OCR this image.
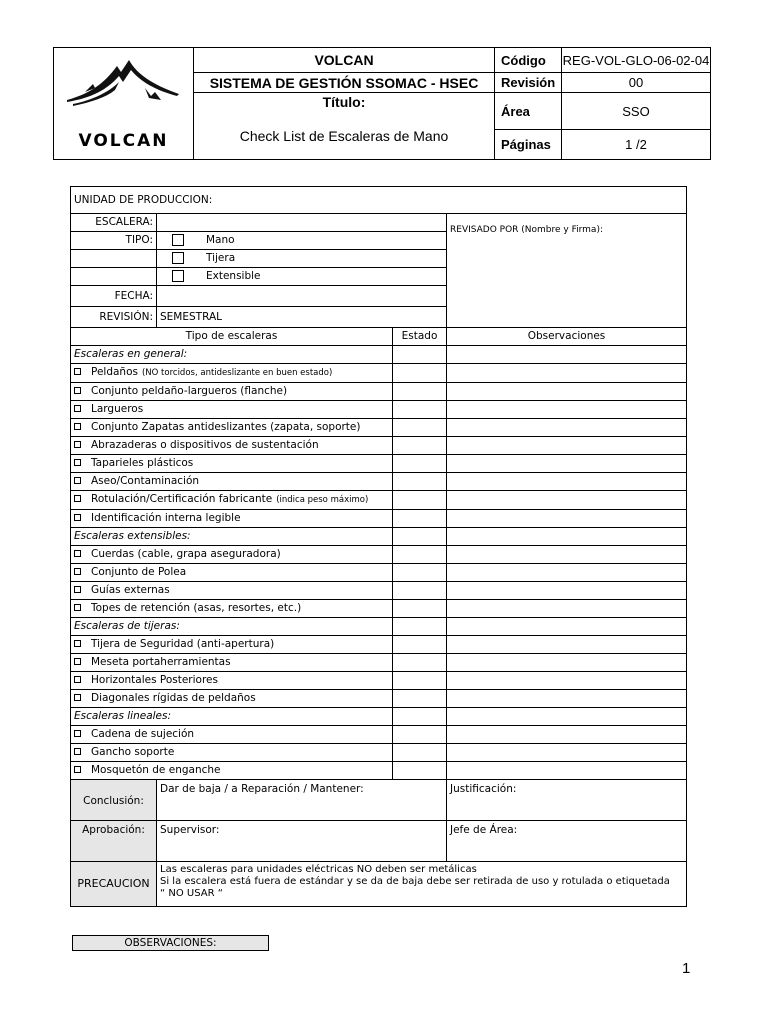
VOLCAN	VOLCAN	Código	REG-VOL-GLO-06-02-04
	SISTEMA DE GESTIÓN SSOMAC - HSEC	Revisión	00

	Título:
Check List de Escaleras de Mano	Área	SSO
		Páginas	1 /2
UNIDAD DE PRODUCCION:			
ESCALERA:			REVISADO POR (Nombre y Firma):
TIPO:	Mano		
	Tijera		
	Extensible		
FECHA:			
REVISIÓN:	SEMESTRAL		
Tipo de escaleras		Estado	Observaciones
Escaleras en general:			
Peldaños (NO torcidos, antideslizante en buen estado)			
Conjunto peldaño-largueros (flanche)			
Largueros			
Conjunto Zapatas antideslizantes (zapata, soporte)			
Abrazaderas o dispositivos de sustentación			
Taparieles plásticos			
Aseo/Contaminación			
Rotulación/Certificación fabricante (indica peso máximo)			
Identificación interna legible			
Escaleras extensibles:			
Cuerdas (cable, grapa aseguradora)			
Conjunto de Polea			
Guías externas			
Topes de retención (asas, resortes, etc.)			
Escaleras de tijeras:			
Tijera de Seguridad (anti-apertura)			
Meseta portaherramientas			
Horizontales Posteriores			
Diagonales rígidas de peldaños			
Escaleras lineales:			
Cadena de sujeción			
Gancho soporte			
Mosquetón de enganche			
Conclusión:	Dar de baja / a Reparación / Mantener:		Justificación:
Aprobación:	Supervisor:		Jefe de Área:
PRECAUCION	Las escaleras para unidades eléctricas NO deben ser metálicas
Si la escalera está fuera de estándar y se da de baja debe ser retirada de uso y rotulada o etiquetada
“ NO USAR “		
OBSERVACIONES:
1
